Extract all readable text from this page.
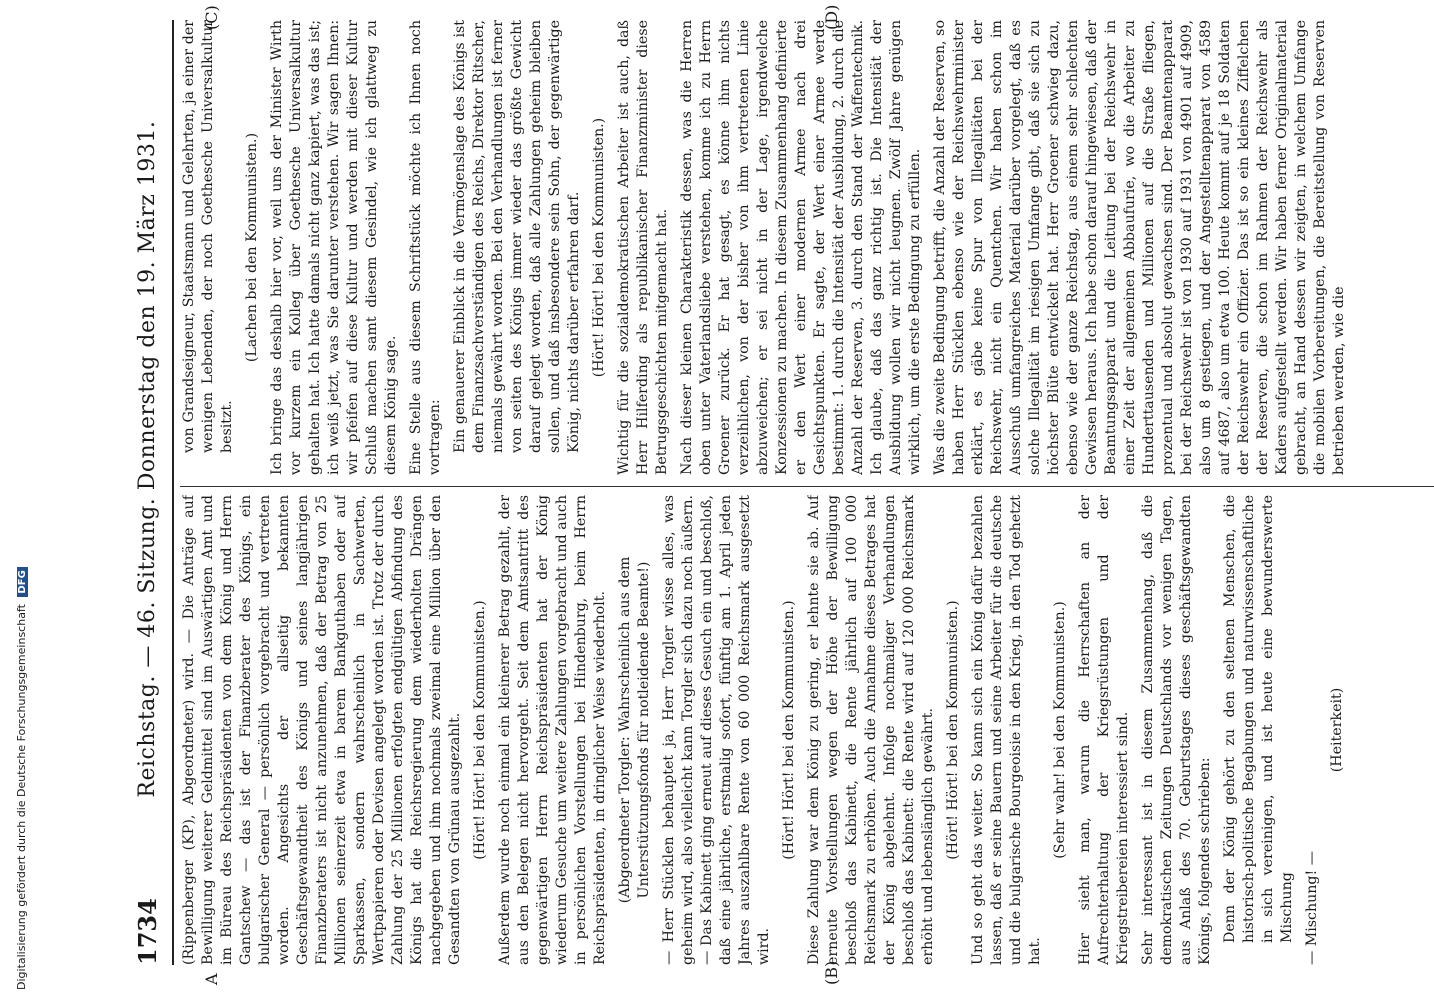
1734
Reichstag. — 46. Sitzung. Donnerstag den 19. März 1931. (Rippenberger (KP), Abgeordneter) wird. — Die Anträge auf Bewilligung weiterer Geldmittel sind im Auswärtigen Amt und im Büreau des Reichspräsidenten von dem König und Herrn Gantschew — das ist der Finanzberater des Königs, ein bulgarischer General — persönlich vorgebracht und vertreten worden. Angesichts der allseitig bekannten Geschäftsgewandtheit des Königs und seines langjährigen Finanzberaters ist nicht anzunehmen, daß der Betrag von 25 Millionen seinerzeit etwa in barem Bankguthaben oder auf Sparkassen, sondern wahrscheinlich in Sachwerten, Wertpapieren oder Devisen angelegt worden ist. Trotz der durch Zahlung der 25 Millionen erfolgten endgültigen Abfindung des Königs hat die Reichsregierung dem wiederholten Drängen nachgegeben und ihm nochmals zweimal eine Million über den Gesandten von Grünau ausgezahlt. (Hört! Hört! bei den Kommunisten.) Außerdem wurde noch einmal ein kleinerer Betrag gezahlt, der aus den Belegen nicht hervorgeht. Seit dem Amtsantritt des gegenwärtigen Herrn Reichspräsidenten hat der König wiederum Gesuche um weitere Zahlungen vorgebracht und auch in persönlichen Vorstellungen bei Hindenburg, beim Herrn Reichspräsidenten, in dringlicher Weise wiederholt. (Abgeordneter Torgler: Wahrscheinlich aus dem Unterstützungsfonds für notleidende Beamte!) — Herr Stücklen behauptet ja, Herr Torgler wisse alles, was geheim wird, also vielleicht kann Torgler sich dazu noch äußern. — Das Kabinett ging erneut auf dieses Gesuch ein und beschloß, daß eine jährliche, erstmalig sofort, fünftig am 1. April jeden Jahres auszahlbare Rente von 60 000 Reichsmark ausgesetzt wird.

(Hört! Hört! bei den Kommunisten.) Diese Zahlung war dem König zu gering, er lehnte sie ab. Auf erneute Vorstellungen wegen der Höhe der Bewilligung beschloß das Kabinett, die Rente jährlich auf 100 000 Reichsmark zu erhöhen. Auch die Annahme dieses Betrages hat der König abgelehnt. Infolge nochmaliger Verhandlungen beschloß das Kabinett: die Rente wird auf 120 000 Reichsmark erhöht und lebenslänglich gewährt. (Hört! Hört! bei den Kommunisten.) Und so geht das weiter. So kann sich ein König dafür bezahlen lassen, daß er seine Bauern und seine Arbeiter für die deutsche und die bulgarische Bourgeoisie in den Krieg, in den Tod gehetzt hat.

(Sehr wahr! bei den Kommunisten.) Hier sieht man, warum die Herrschaften an der Aufrechterhaltung der Kriegsrüstungen und der Kriegstreibereien interessiert sind. Sehr interessant ist in diesem Zusammenhang, daß die demokratischen Zeitungen Deutschlands vor wenigen Tagen, aus Anlaß des 70. Geburtstages dieses geschäftsgewandten Königs, folgendes schrieben: Denn der König gehört zu den seltenen Menschen, die historisch-politische Begabungen und naturwissenschaftliche in sich vereinigen, und ist heute eine bewunderswerte Mischung — Mischung! —

(Heiterkeit)

von Grandseigneur, Staatsmann und Gelehrten, ja einer der wenigen Lebenden, der noch Goethesche Universalkultur besitzt.

(Lachen bei den Kommunisten.) Ich bringe das deshalb hier vor, weil uns der Minister Wirth vor kurzem ein Kolleg über Goethesche Universalkultur gehalten hat. Ich hatte damals nicht ganz kapiert, was das ist; ich weiß jetzt, was Sie darunter verstehen. Wir sagen Ihnen: wir pfeifen auf diese Kultur und werden mit dieser Kultur Schluß machen samt diesem Gesindel, wie ich glattweg zu diesem König sage. Eine Stelle aus diesem Schriftstück möchte ich Ihnen noch vortragen: Ein genauerer Einblick in die Vermögenslage des Königs ist dem Finanzsachverständigen des Reichs, Direktor Ritscher, niemals gewährt worden. Bei den Verhandlungen ist ferner von seiten des Königs immer wieder das größte Gewicht darauf gelegt worden, daß alle Zahlungen geheim bleiben sollen, und daß insbesondere sein Sohn, der gegenwärtige König, nichts darüber erfahren darf. (Hört! Hört! bei den Kommunisten.) Wichtig für die sozialdemokratischen Arbeiter ist auch, daß Herr Hilferding als republikanischer Finanzminister diese Betrugsgeschichten mitgemacht hat. Nach dieser kleinen Charakteristik dessen, was die Herren oben unter Vaterlandsliebe verstehen, komme ich zu Herrn Groener zurück. Er hat gesagt, es könne ihm nichts verzeihlichen, von der bisher von ihm vertretenen Linie abzuweichen; er sei nicht in der Lage, irgendwelche Konzessionen zu machen. In diesem Zusammenhang definierte er den Wert einer modernen Armee nach drei Gesichtspunkten. Er sagte, der Wert einer Armee werde bestimmt: 1. durch die Intensität der Ausbildung, 2. durch die Anzahl der Reserven, 3. durch den Stand der Waffentechnik. Ich glaube, daß das ganz richtig ist. Die Intensität der Ausbildung wollen wir nicht leugnen. Zwölf Jahre genügen wirklich, um die erste Bedingung zu erfüllen. Was die zweite Bedingung betrifft, die Anzahl der Reserven, so haben Herr Stücklen ebenso wie der Reichswehrminister erklärt, es gäbe keine Spur von Illegalitäten bei der Reichswehr, nicht ein Quentchen. Wir haben schon im Ausschuß umfangreiches Material darüber vorgelegt, daß es solche Illegalität im riesigen Umfange gibt, daß sie sich zu höchster Blüte entwickelt hat. Herr Groener schwieg dazu, ebenso wie der ganze Reichstag, aus einem sehr schlechten Gewissen heraus. Ich habe schon darauf hingewiesen, daß der Beamtungsapparat und die Leitung bei der Reichswehr in einer Zeit der allgemeinen Abbaufurie, wo die Arbeiter zu Hunderttausenden und Millionen auf die Straße fliegen, prozentual und absolut gewachsen sind. Der Beamtenapparat bei der Reichswehr ist von 1930 auf 1931 von 4901 auf 4909, also um 8 gestiegen, und der Angestelltenapparat von 4589 auf 4687, also um etwa 100. Heute kommt auf je 18 Soldaten der Reichswehr ein Offizier. Das ist so ein kleines Ziffelchen der Reserven, die schon im Rahmen der Reichswehr als Kaders aufgestellt werden. Wir haben ferner Originalmaterial gebracht, an Hand dessen wir zeigten, in welchem Umfange die mobilen Vorbereitungen, die Bereitstellung von Reserven betrieben werden, wie die

A	(B)
(C)	(D)
Digitalisierung gefördert durch die Deutsche Forschungsgemeinschaft DFG
